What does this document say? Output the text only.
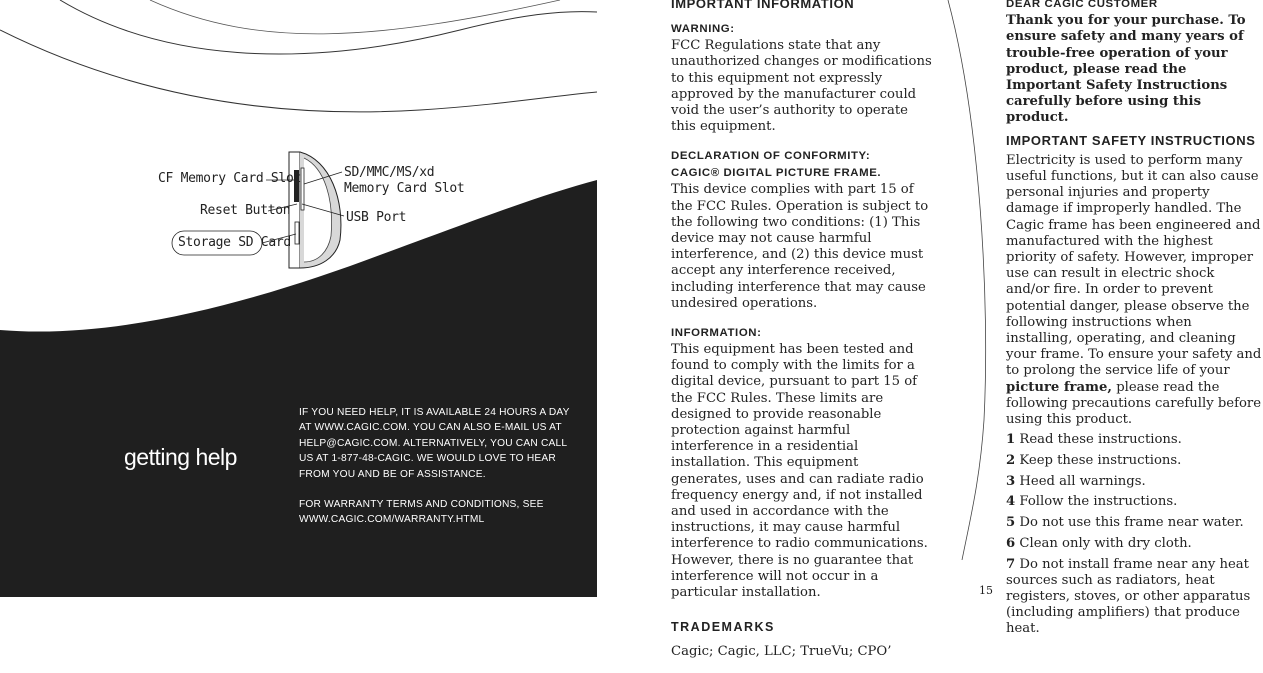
CF Memory Card Slot
Reset Button
Storage SD Card
SD/MMC/MS/xd
Memory Card Slot
USB Port
getting help

IF YOU NEED HELP, IT IS AVAILABLE 24 HOURS A DAY AT WWW.CAGIC.COM. YOU CAN ALSO E-MAIL US AT HELP@CAGIC.COM. ALTERNATIVELY, YOU CAN CALL US AT 1-877-48-CAGIC. WE WOULD LOVE TO HEAR FROM YOU AND BE OF ASSISTANCE.

FOR WARRANTY TERMS AND CONDITIONS, SEE WWW.CAGIC.COM/WARRANTY.HTML

IMPORTANT INFORMATION
WARNING:

FCC Regulations state that any unauthorized changes or modifications to this equipment not expressly approved by the manufacturer could void the user’s authority to operate this equipment.

DECLARATION OF CONFORMITY:
CAGIC® DIGITAL PICTURE FRAME.

This device complies with part 15 of the FCC Rules. Operation is subject to the following two conditions: (1) This device may not cause harmful interference, and (2) this device must accept any interference received, including interference that may cause undesired operations.

INFORMATION:

This equipment has been tested and found to comply with the limits for a digital device, pursuant to part 15 of the FCC Rules. These limits are designed to provide reasonable protection against harmful interference in a residential installation. This equipment generates, uses and can radiate radio frequency energy and, if not installed and used in accordance with the instructions, it may cause harmful interference to radio communications. However, there is no guarantee that interference will not occur in a particular installation.

TRADEMARKS

Cagic; Cagic, LLC; TrueVu; CPO’

DEAR CAGIC CUSTOMER

Thank you for your purchase. To ensure safety and many years of trouble-free operation of your product, please read the Important Safety Instructions carefully before using this product.

IMPORTANT SAFETY INSTRUCTIONS

Electricity is used to perform many useful functions, but it can also cause personal injuries and property damage if improperly handled. The Cagic frame has been engineered and manufactured with the highest priority of safety. However, improper use can result in electric shock and/or fire. In order to prevent potential danger, please observe the following instructions when installing, operating, and cleaning your frame. To ensure your safety and to prolong the service life of your picture frame, please read the following precautions carefully before using this product.

1 Read these instructions.
2 Keep these instructions.
3 Heed all warnings.
4 Follow the instructions.
5 Do not use this frame near water.
6 Clean only with dry cloth.
7 Do not install frame near any heat sources such as radiators, heat registers, stoves, or other apparatus (including amplifiers) that produce heat.
15
